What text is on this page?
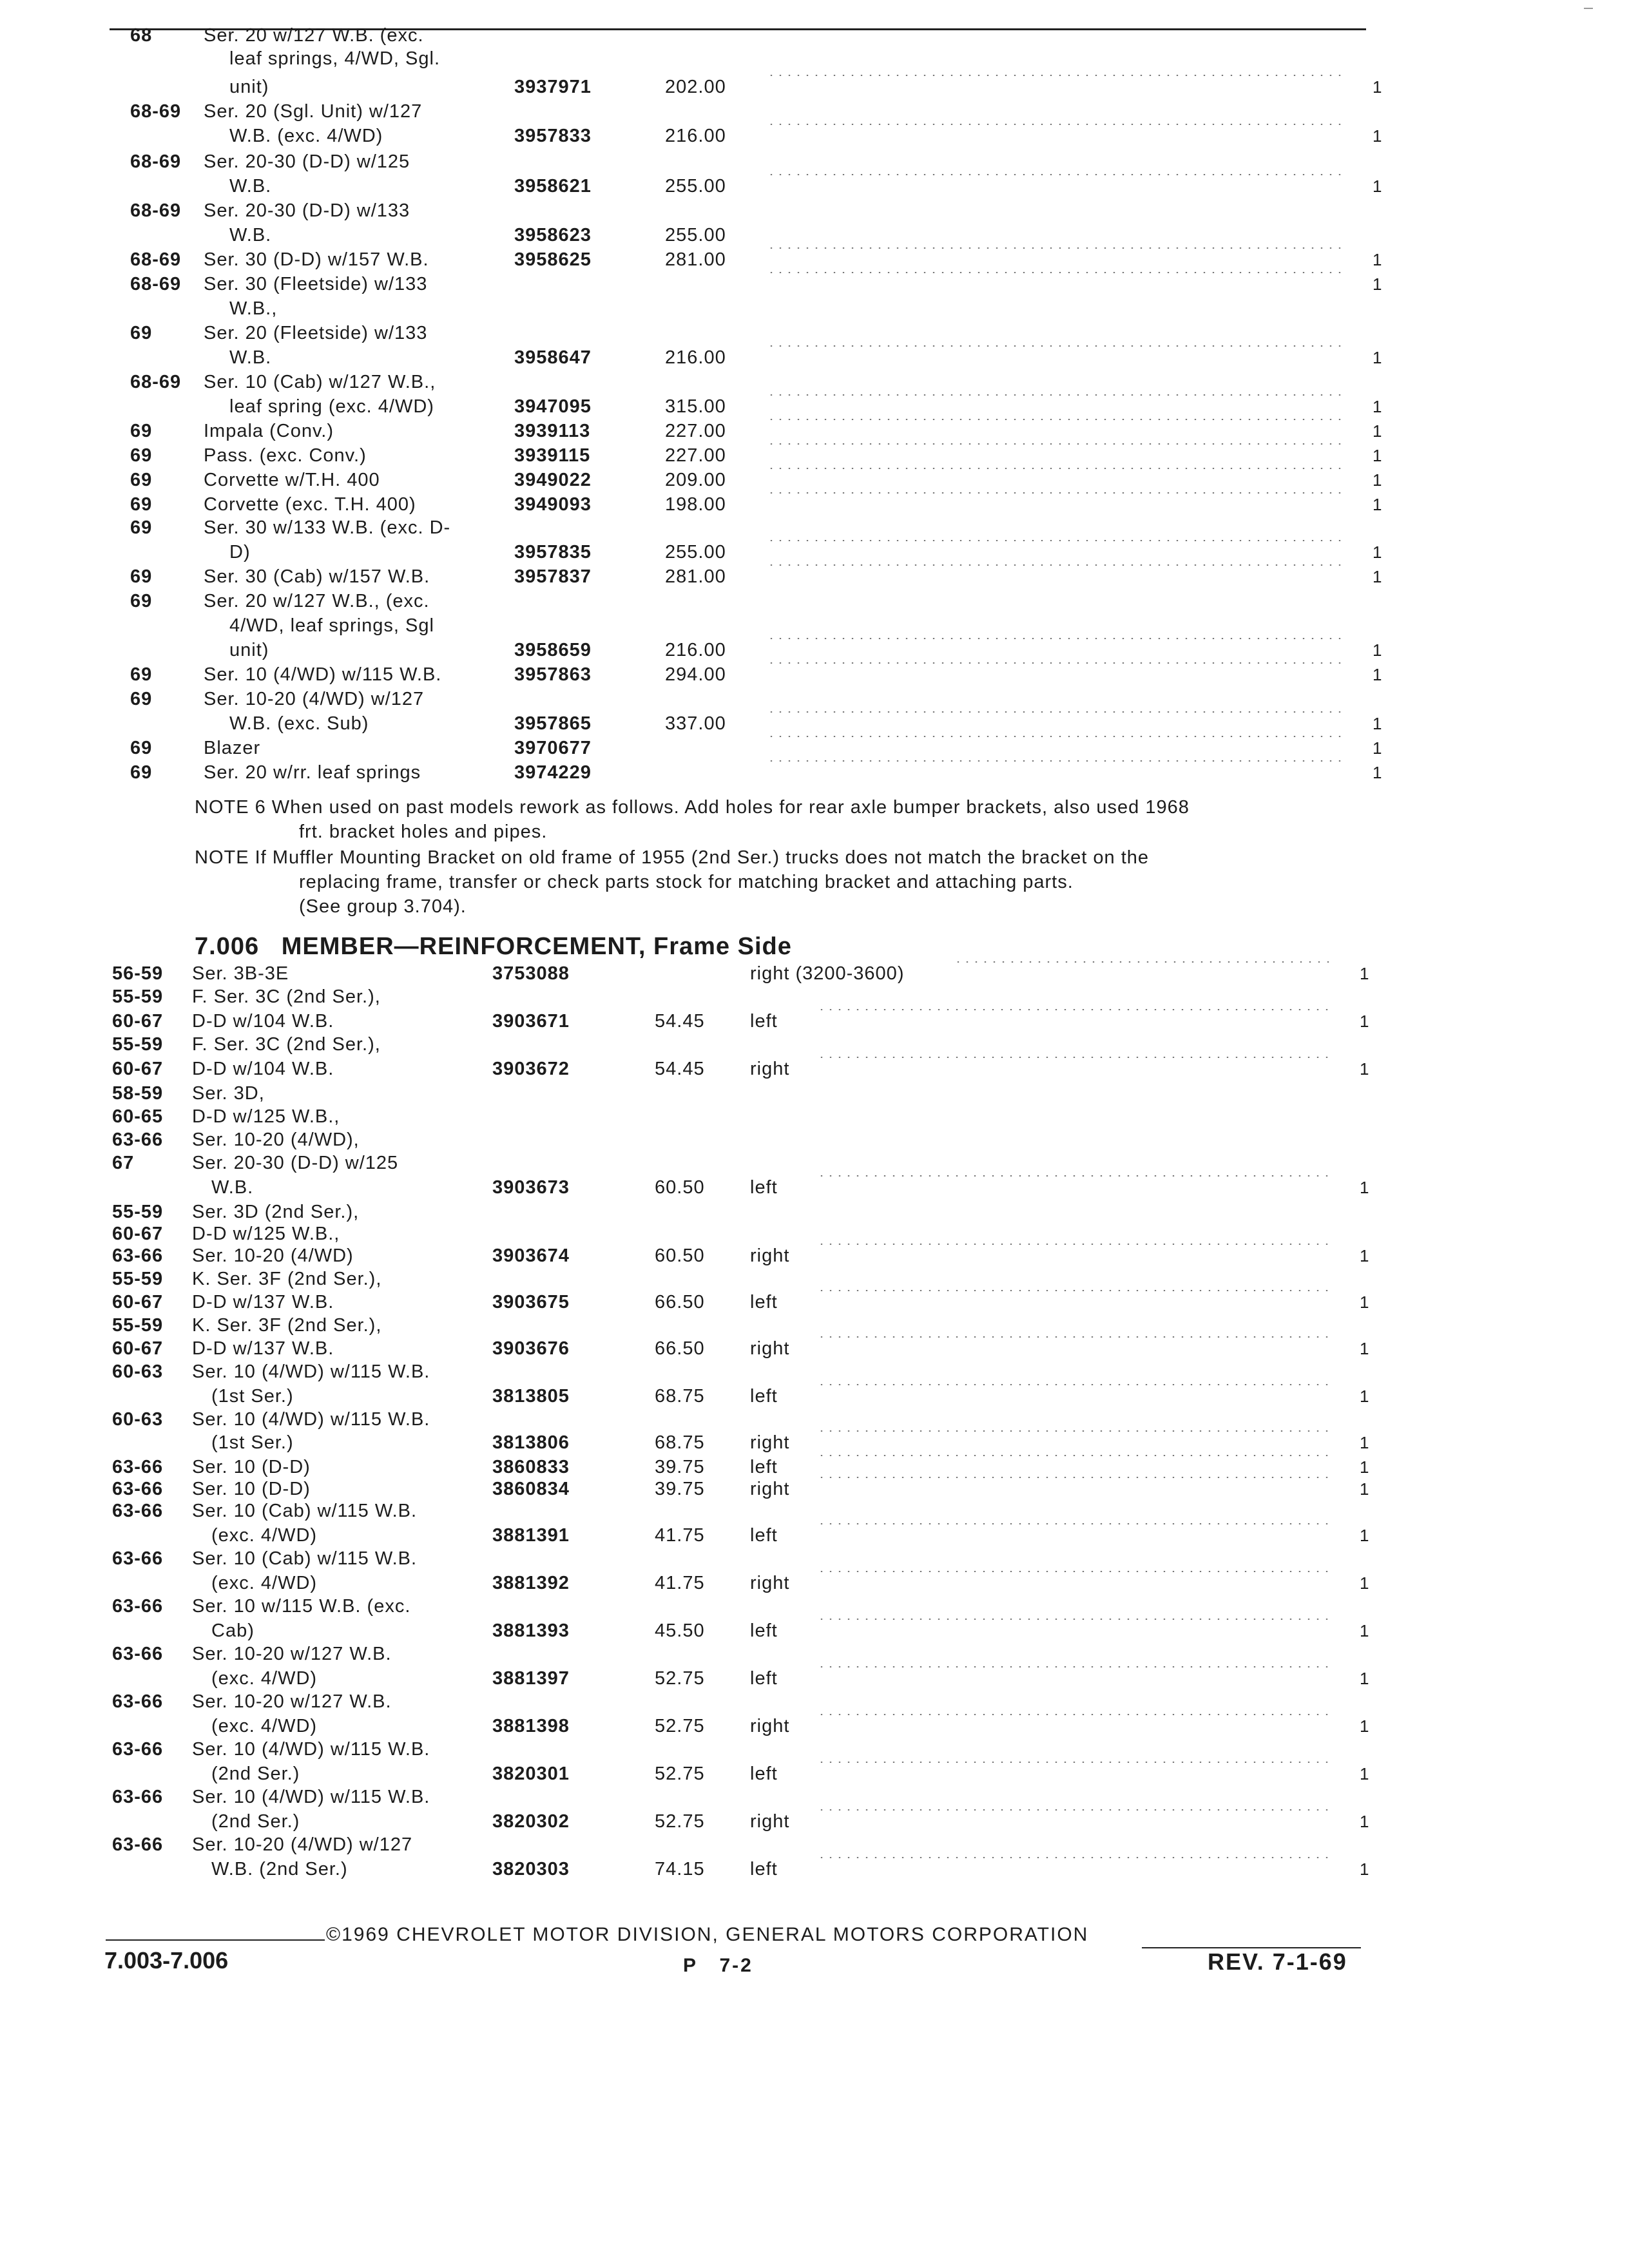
68	Ser. 20 w/127 W.B. (exc.
leaf springs, 4/WD, Sgl.
unit)	3937971	202.00	1
68-69 Ser. 20 (Sgl. Unit) w/127
W.B. (exc. 4/WD)	3957833	216.00	1
68-69 Ser. 20-30 (D-D) w/125
W.B.	3958621	255.00	1
68-69 Ser. 20-30 (D-D) w/133
W.B.	3958623	255.00
68-69 Ser. 30 (D-D) w/157 W.B.	3958625	281.00	1
68-69 Ser. 30 (Fleetside) w/133	1
W.B.,
69	Ser. 20 (Fleetside) w/133
W.B.	3958647	216.00	1
68-69 Ser. 10 (Cab) w/127 W.B.,
leaf spring (exc. 4/WD)	3947095	315.00	1
69	Impala (Conv.)	3939113	227.00	1
69	Pass. (exc. Conv.)	3939115	227.00	1
69	Corvette w/T.H. 400	3949022	209.00	1
69	Corvette (exc. T.H. 400)	3949093	198.00	1
69	Ser. 30 w/133 W.B. (exc. D-
D)	3957835	255.00	1
69	Ser. 30 (Cab) w/157 W.B.	3957837	281.00	1
69	Ser. 20 w/127 W.B., (exc.
4/WD, leaf springs, Sgl
unit)	3958659	216.00	1
69	Ser. 10 (4/WD) w/115 W.B.	3957863	294.00	1
69	Ser. 10-20 (4/WD) w/127
W.B. (exc. Sub)	3957865	337.00	1
69	Blazer	3970677	1
69	Ser. 20 w/rr. leaf springs	3974229	1
56-59 Ser. 3B-3E	3753088	right (3200-3600)	1
55-59 F. Ser. 3C (2nd Ser.),
60-67 D-D w/104 W.B.	3903671	54.45 left	1
55-59 F. Ser. 3C (2nd Ser.),
60-67 D-D w/104 W.B.	3903672	54.45 right	1
58-59 Ser. 3D,
60-65 D-D w/125 W.B.,
63-66 Ser. 10-20 (4/WD),
67	Ser. 20-30 (D-D) w/125
W.B.	3903673	60.50 left	1
55-59 Ser. 3D (2nd Ser.),
60-67 D-D w/125 W.B.,
63-66 Ser. 10-20 (4/WD)	3903674	60.50 right	1
55-59 K. Ser. 3F (2nd Ser.),
60-67 D-D w/137 W.B.	3903675	66.50 left	1
55-59 K. Ser. 3F (2nd Ser.),
60-67 D-D w/137 W.B.	3903676	66.50 right	1
60-63 Ser. 10 (4/WD) w/115 W.B.
(1st Ser.)	3813805	68.75 left	1
60-63 Ser. 10 (4/WD) w/115 W.B.
(1st Ser.)	3813806	68.75 right	1
63-66 Ser. 10 (D-D)	3860833	39.75 left	1
63-66 Ser. 10 (D-D)	3860834	39.75 right	1
63-66 Ser. 10 (Cab) w/115 W.B.
(exc. 4/WD)	3881391	41.75 left	1
63-66 Ser. 10 (Cab) w/115 W.B.
(exc. 4/WD)	3881392	41.75 right	1
63-66 Ser. 10 w/115 W.B. (exc.
Cab)	3881393	45.50 left	1
63-66 Ser. 10-20 w/127 W.B.
(exc. 4/WD)	3881397	52.75 left	1
63-66 Ser. 10-20 w/127 W.B.
(exc. 4/WD)	3881398	52.75 right	1
63-66 Ser. 10 (4/WD) w/115 W.B.
(2nd Ser.)	3820301	52.75 left	1
63-66 Ser. 10 (4/WD) w/115 W.B.
(2nd Ser.)	3820302	52.75 right	1
63-66 Ser. 10-20 (4/WD) w/127
W.B. (2nd Ser.)	3820303	74.15 left	1
NOTE 6 When used on past models rework as follows. Add holes for rear axle bumper brackets, also used 1968
frt. bracket holes and pipes.
NOTE If Muffler Mounting Bracket on old frame of 1955 (2nd Ser.) trucks does not match the bracket on the
replacing frame, transfer or check parts stock for matching bracket and attaching parts.
(See group 3.704).
7.006   MEMBER—REINFORCEMENT, Frame Side
©1969 CHEVROLET MOTOR DIVISION, GENERAL MOTORS CORPORATION
7.003-7.006	P   7-2	REV. 7-1-69
